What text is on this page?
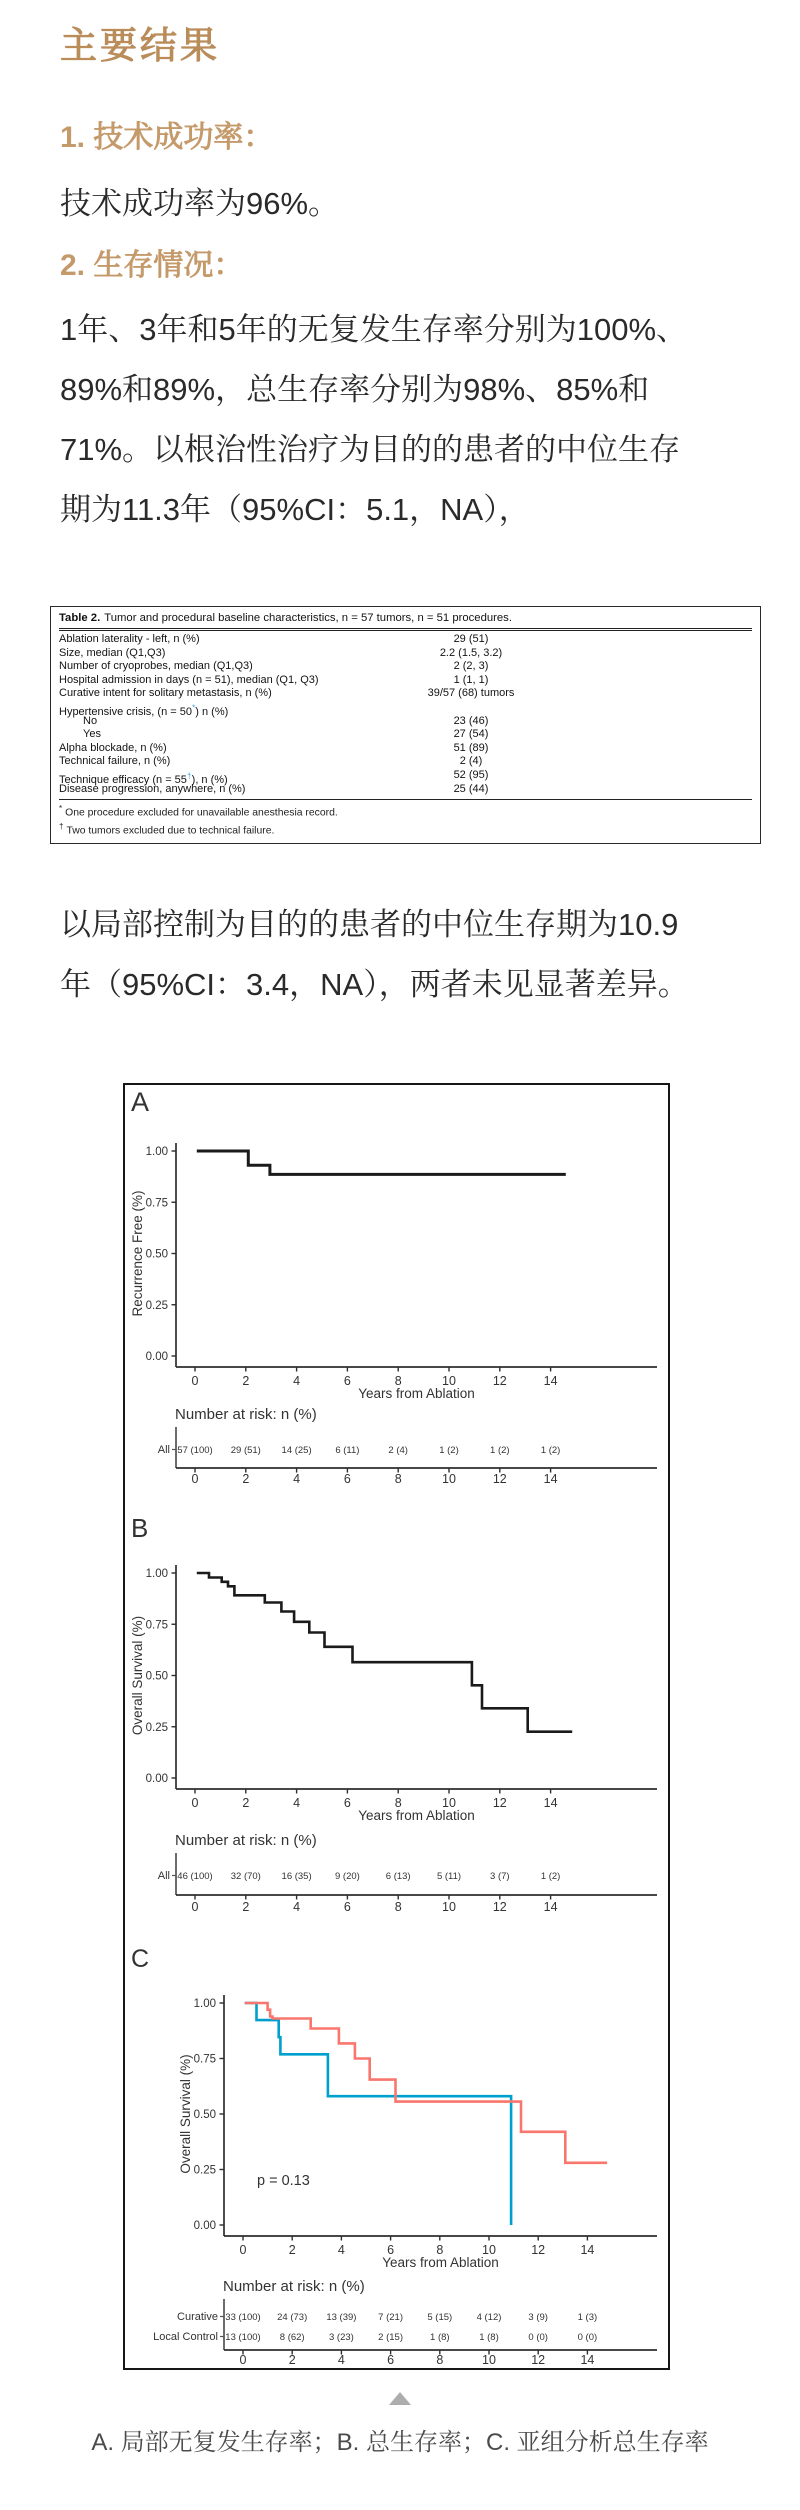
主要结果
1. 技术成功率：

技术成功率为96%。

2. 生存情况：
1年、3年和5年的无复发生存率分别为100%、
89%和89%，总生存率分别为98%、85%和
71%。以根治性治疗为目的的患者的中位生存
期为11.3年（95%CI：5.1，NA），
Table 2. Tumor and procedural baseline characteristics, n = 57 tumors, n = 51 procedures.
Ablation laterality - left, n (%)	29 (51)
Size, median (Q1,Q3)	2.2 (1.5, 3.2)
Number of cryoprobes, median (Q1,Q3)	2 (2, 3)
Hospital admission in days (n = 51), median (Q1, Q3)	1 (1, 1)
Curative intent for solitary metastasis, n (%)	39/57 (68) tumors
Hypertensive crisis, (n = 50*) n (%)
No	23 (46)
Yes	27 (54)
Alpha blockade, n (%)	51 (89)
Technical failure, n (%)	2 (4)
Technique efficacy (n = 55†), n (%)	52 (95)
Disease progression, anywhere, n (%)	25 (44)
* One procedure excluded for unavailable anesthesia record.
† Two tumors excluded due to technical failure.
以局部控制为目的的患者的中位生存期为10.9
年（95%CI：3.4，NA），两者未见显著差异。
A
Recurrence Free (%)
0.00
0.25
0.50
0.75
1.00
0	2	4	6	8	10	12	14
Years from Ablation
Number at risk: n (%)
All 57 (100) 29 (51) 14 (25) 6 (11)	2 (4)	1 (2)	1 (2)	1 (2)
0	2	4	6	8	10	12	14
B
Overall Survival (%)
0.00
0.25
0.50
0.75
1.00
0	2	4	6	8	10	12	14
Years from Ablation
Number at risk: n (%)
All 46 (100) 32 (70) 16 (35) 9 (20)	6 (13)	5 (11)	3 (7)	1 (2)
0	2	4	6	8	10	12	14
C
Overall Survival (%)
0.00
0.25
0.50
0.75
1.00
0	2	4	6	8	10	12	14
Years from Ablation
p = 0.13
Number at risk: n (%)
Curative 33 (100) 24 (73) 13 (39) 7 (21)	5 (15)	4 (12)	3 (9)	1 (3)
Local Control 13 (100) 8 (62)	3 (23)	2 (15)	1 (8)	1 (8)	0 (0)	0 (0)
0	2	4	6	8	10	12	14
A. 局部无复发生存率；B. 总生存率；C. 亚组分析总生存率
